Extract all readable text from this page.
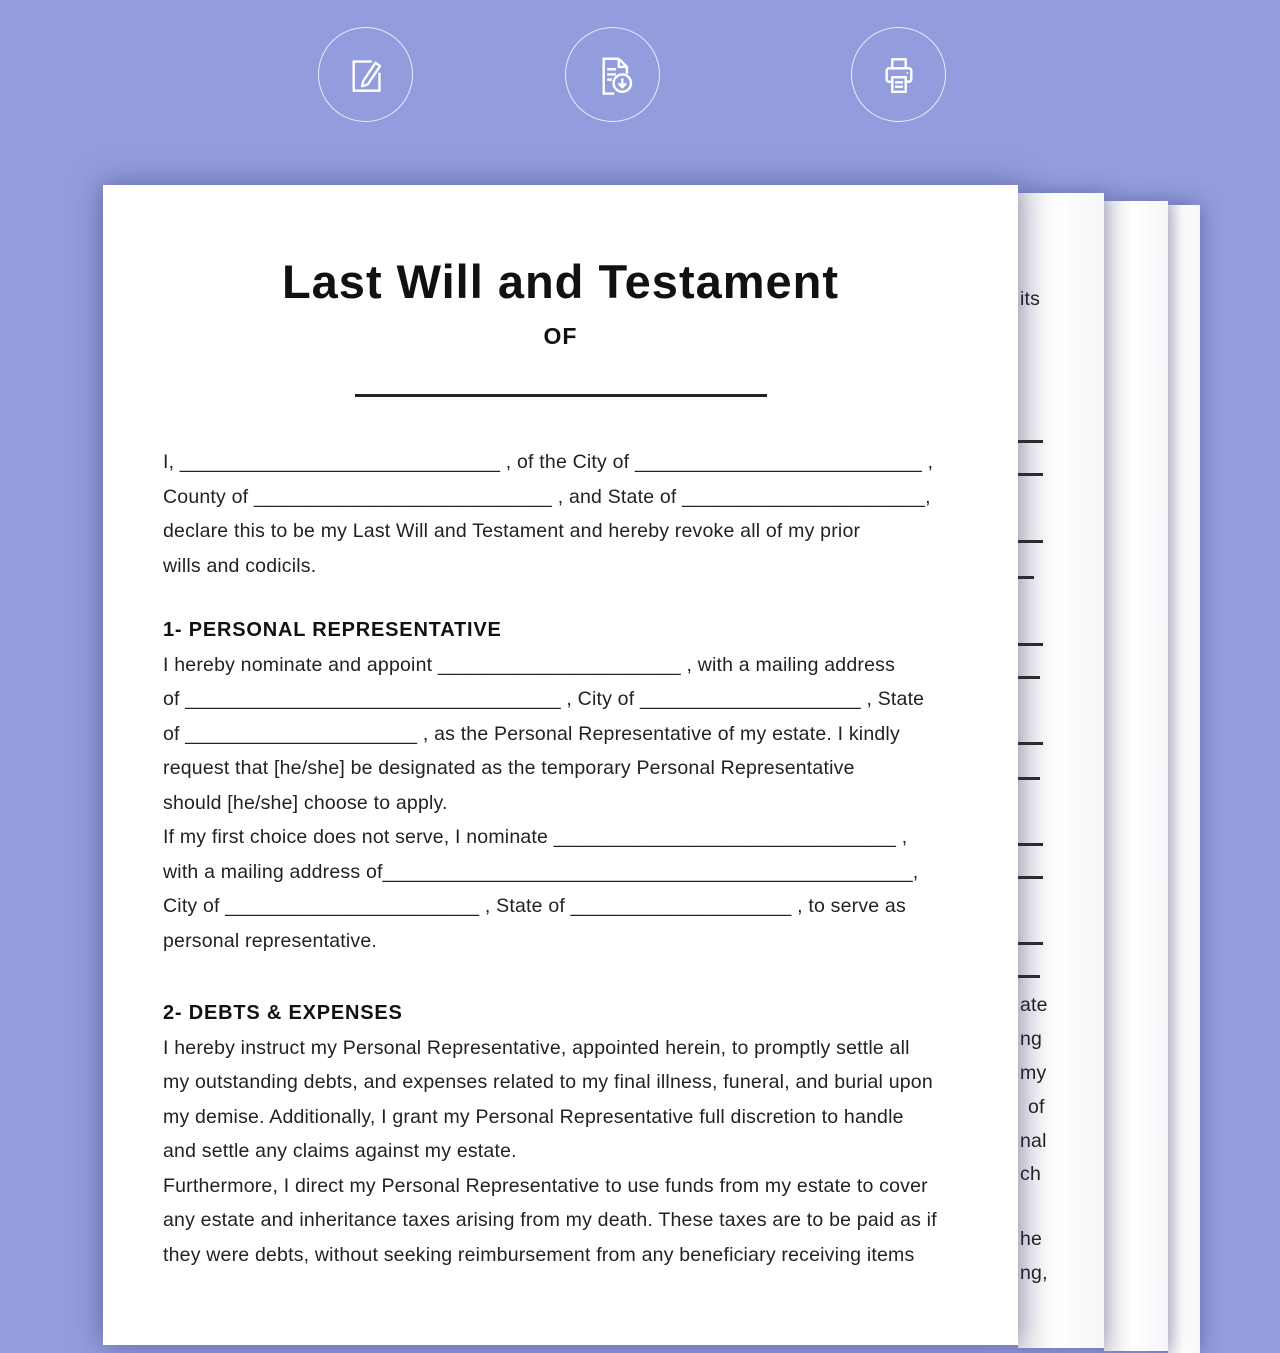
its
ate
ng
my
of
nal
ch
he
ng,
Last Will and Testament
OF
I, _____________________________ , of the City of __________________________ ,
County of ___________________________ , and State of ______________________,
declare this to be my Last Will and Testament and hereby revoke all of my prior
wills and codicils.
1- PERSONAL REPRESENTATIVE
I hereby nominate and appoint ______________________ , with a mailing address
of __________________________________ , City of ____________________ , State
of _____________________ , as the Personal Representative of my estate. I kindly
request that [he/she] be designated as the temporary Personal Representative
should [he/she] choose to apply.
If my first choice does not serve, I nominate _______________________________ ,
with a mailing address of________________________________________________,
City of _______________________ , State of ____________________ , to serve as
personal representative.
2- DEBTS & EXPENSES
I hereby instruct my Personal Representative, appointed herein, to promptly settle all
my outstanding debts, and expenses related to my final illness, funeral, and burial upon
my demise. Additionally, I grant my Personal Representative full discretion to handle
and settle any claims against my estate.
Furthermore, I direct my Personal Representative to use funds from my estate to cover
any estate and inheritance taxes arising from my death. These taxes are to be paid as if
they were debts, without seeking reimbursement from any beneficiary receiving items
